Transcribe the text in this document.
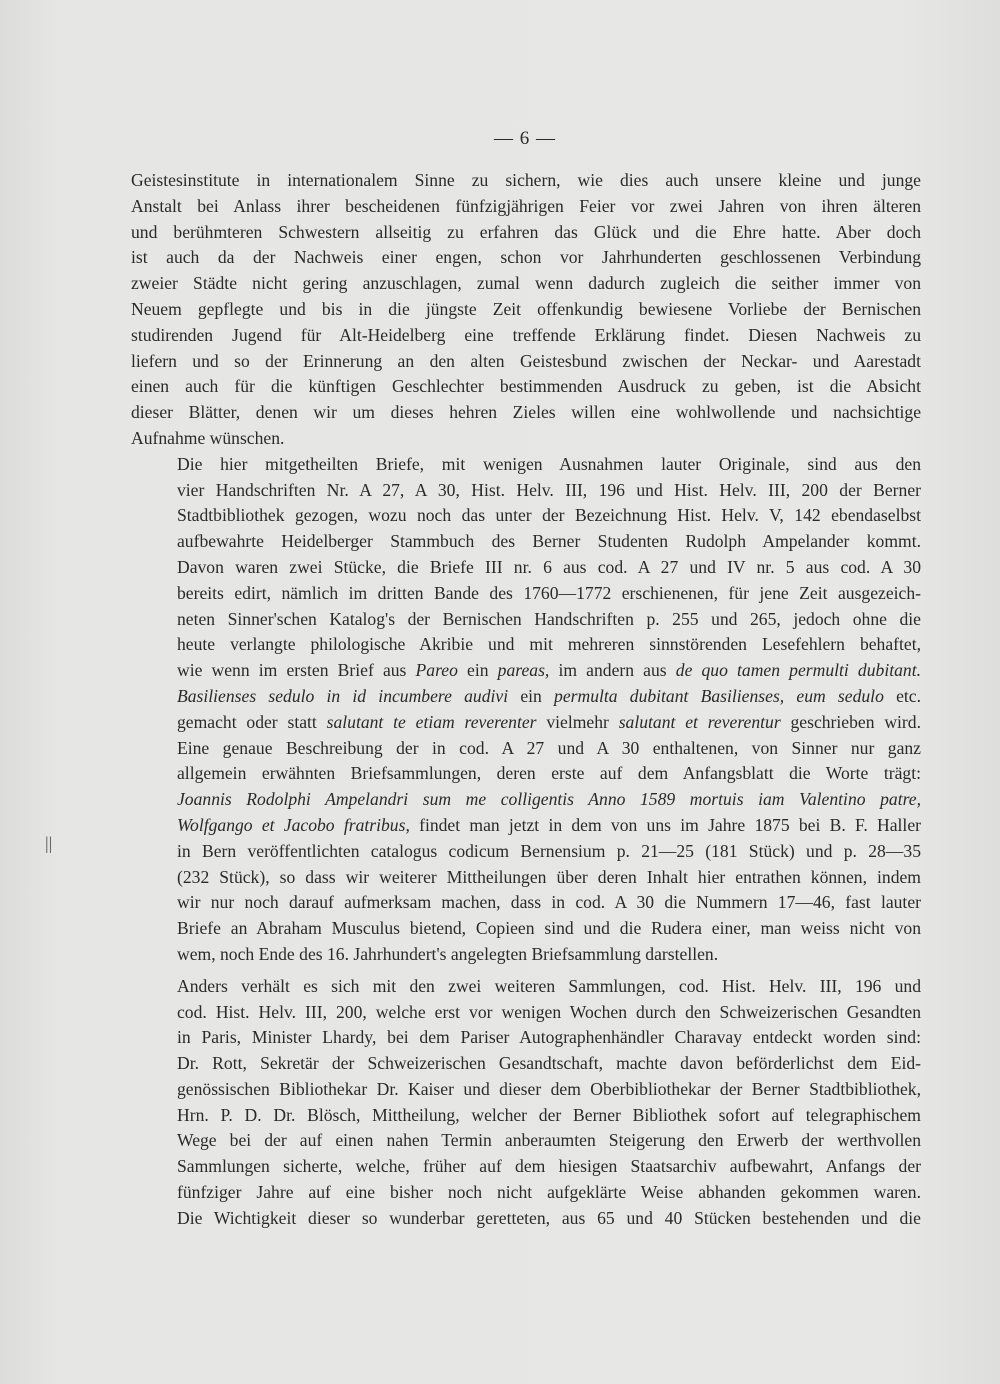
— 6 —
||
Geistesinstitute in internationalem Sinne zu sichern, wie dies auch unsere kleine und junge
Anstalt bei Anlass ihrer bescheidenen fünfzigjährigen Feier vor zwei Jahren von ihren älteren
und berühmteren Schwestern allseitig zu erfahren das Glück und die Ehre hatte. Aber doch
ist auch da der Nachweis einer engen, schon vor Jahrhunderten geschlossenen Verbindung
zweier Städte nicht gering anzuschlagen, zumal wenn dadurch zugleich die seither immer von
Neuem gepflegte und bis in die jüngste Zeit offenkundig bewiesene Vorliebe der Bernischen
studirenden Jugend für Alt-Heidelberg eine treffende Erklärung findet. Diesen Nachweis zu
liefern und so der Erinnerung an den alten Geistesbund zwischen der Neckar- und Aarestadt
einen auch für die künftigen Geschlechter bestimmenden Ausdruck zu geben, ist die Absicht
dieser Blätter, denen wir um dieses hehren Zieles willen eine wohlwollende und nachsichtige
Aufnahme wünschen.
Die hier mitgetheilten Briefe, mit wenigen Ausnahmen lauter Originale, sind aus den
vier Handschriften Nr. A 27, A 30, Hist. Helv. III, 196 und Hist. Helv. III, 200 der Berner
Stadtbibliothek gezogen, wozu noch das unter der Bezeichnung Hist. Helv. V, 142 ebendaselbst
aufbewahrte Heidelberger Stammbuch des Berner Studenten Rudolph Ampelander kommt.
Davon waren zwei Stücke, die Briefe III nr. 6 aus cod. A 27 und IV nr. 5 aus cod. A 30
bereits edirt, nämlich im dritten Bande des 1760—1772 erschienenen, für jene Zeit ausgezeich-
neten Sinner'schen Katalog's der Bernischen Handschriften p. 255 und 265, jedoch ohne die
heute verlangte philologische Akribie und mit mehreren sinnstörenden Lesefehlern behaftet,
wie wenn im ersten Brief aus Pareo ein pareas, im andern aus de quo tamen permulti dubitant.
Basilienses sedulo in id incumbere audivi ein permulta dubitant Basilienses, eum sedulo etc.
gemacht oder statt salutant te etiam reverenter vielmehr salutant et reverentur geschrieben wird.
Eine genaue Beschreibung der in cod. A 27 und A 30 enthaltenen, von Sinner nur ganz
allgemein erwähnten Briefsammlungen, deren erste auf dem Anfangsblatt die Worte trägt:
Joannis Rodolphi Ampelandri sum me colligentis Anno 1589 mortuis iam Valentino patre,
Wolfgango et Jacobo fratribus, findet man jetzt in dem von uns im Jahre 1875 bei B. F. Haller
in Bern veröffentlichten catalogus codicum Bernensium p. 21—25 (181 Stück) und p. 28—35
(232 Stück), so dass wir weiterer Mittheilungen über deren Inhalt hier entrathen können, indem
wir nur noch darauf aufmerksam machen, dass in cod. A 30 die Nummern 17—46, fast lauter
Briefe an Abraham Musculus bietend, Copieen sind und die Rudera einer, man weiss nicht von
wem, noch Ende des 16. Jahrhundert's angelegten Briefsammlung darstellen.
Anders verhält es sich mit den zwei weiteren Sammlungen, cod. Hist. Helv. III, 196 und
cod. Hist. Helv. III, 200, welche erst vor wenigen Wochen durch den Schweizerischen Gesandten
in Paris, Minister Lhardy, bei dem Pariser Autographenhändler Charavay entdeckt worden sind:
Dr. Rott, Sekretär der Schweizerischen Gesandtschaft, machte davon beförderlichst dem Eid-
genössischen Bibliothekar Dr. Kaiser und dieser dem Oberbibliothekar der Berner Stadtbibliothek,
Hrn. P. D. Dr. Blösch, Mittheilung, welcher der Berner Bibliothek sofort auf telegraphischem
Wege bei der auf einen nahen Termin anberaumten Steigerung den Erwerb der werthvollen
Sammlungen sicherte, welche, früher auf dem hiesigen Staatsarchiv aufbewahrt, Anfangs der
fünfziger Jahre auf eine bisher noch nicht aufgeklärte Weise abhanden gekommen waren.
Die Wichtigkeit dieser so wunderbar geretteten, aus 65 und 40 Stücken bestehenden und die
